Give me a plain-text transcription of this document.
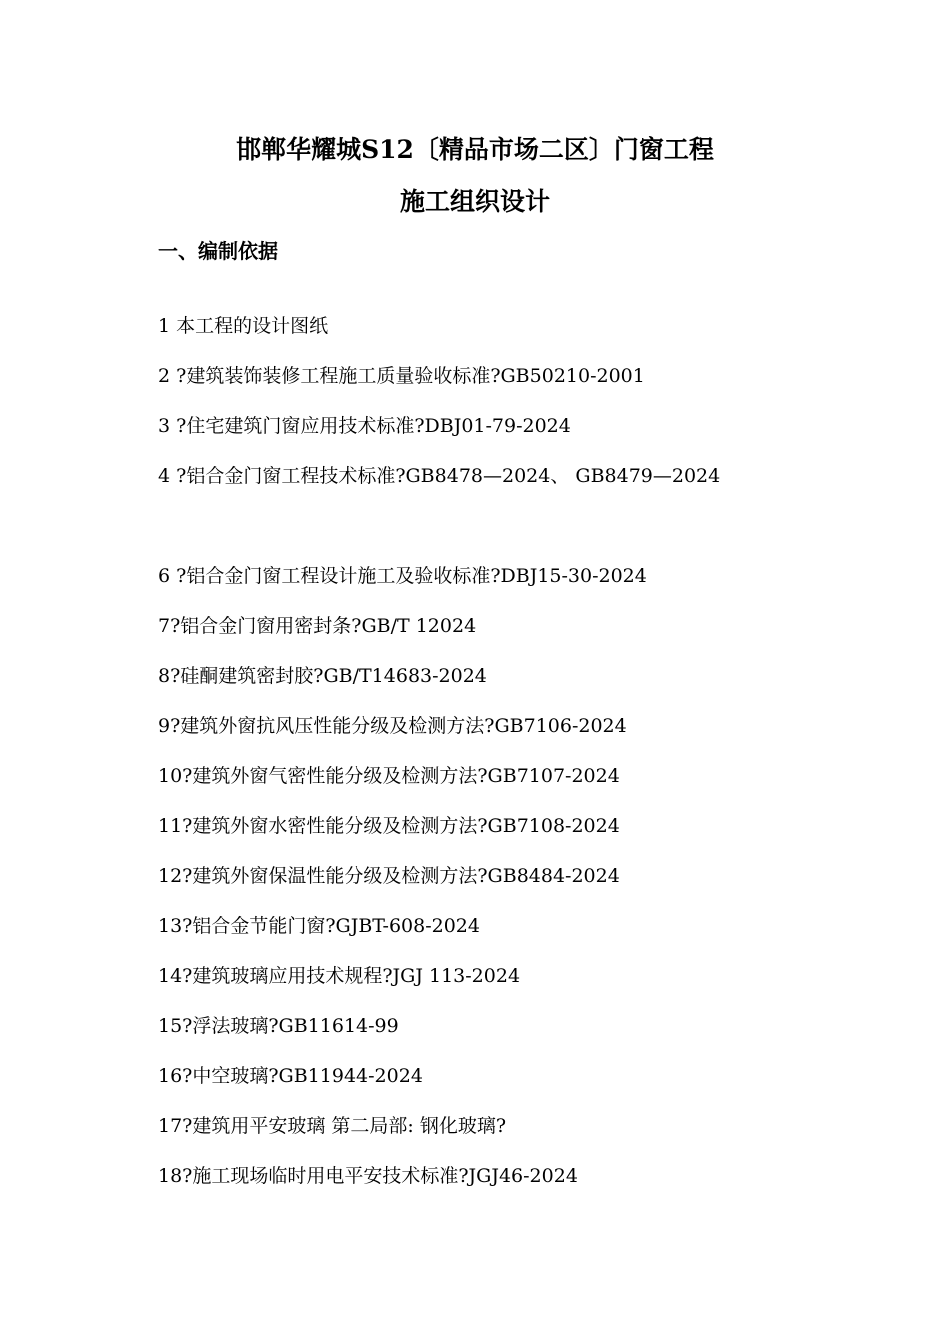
邯郸华耀城S12〔精品市场二区〕门窗工程
施工组织设计
一、编制依据
1 本工程的设计图纸
2 ?建筑装饰装修工程施工质量验收标准?GB50210-2001
3 ?住宅建筑门窗应用技术标准?DBJ01-79-2024
4 ?铝合金门窗工程技术标准?GB8478—2024、 GB8479—2024
6 ?铝合金门窗工程设计施工及验收标准?DBJ15-30-2024
7?铝合金门窗用密封条?GB/T 12024
8?硅酮建筑密封胶?GB/T14683-2024
9?建筑外窗抗风压性能分级及检测方法?GB7106-2024
10?建筑外窗气密性能分级及检测方法?GB7107-2024
11?建筑外窗水密性能分级及检测方法?GB7108-2024
12?建筑外窗保温性能分级及检测方法?GB8484-2024
13?铝合金节能门窗?GJBT-608-2024
14?建筑玻璃应用技术规程?JGJ 113-2024
15?浮法玻璃?GB11614-99
16?中空玻璃?GB11944-2024
17?建筑用平安玻璃 第二局部: 钢化玻璃?
18?施工现场临时用电平安技术标准?JGJ46-2024
